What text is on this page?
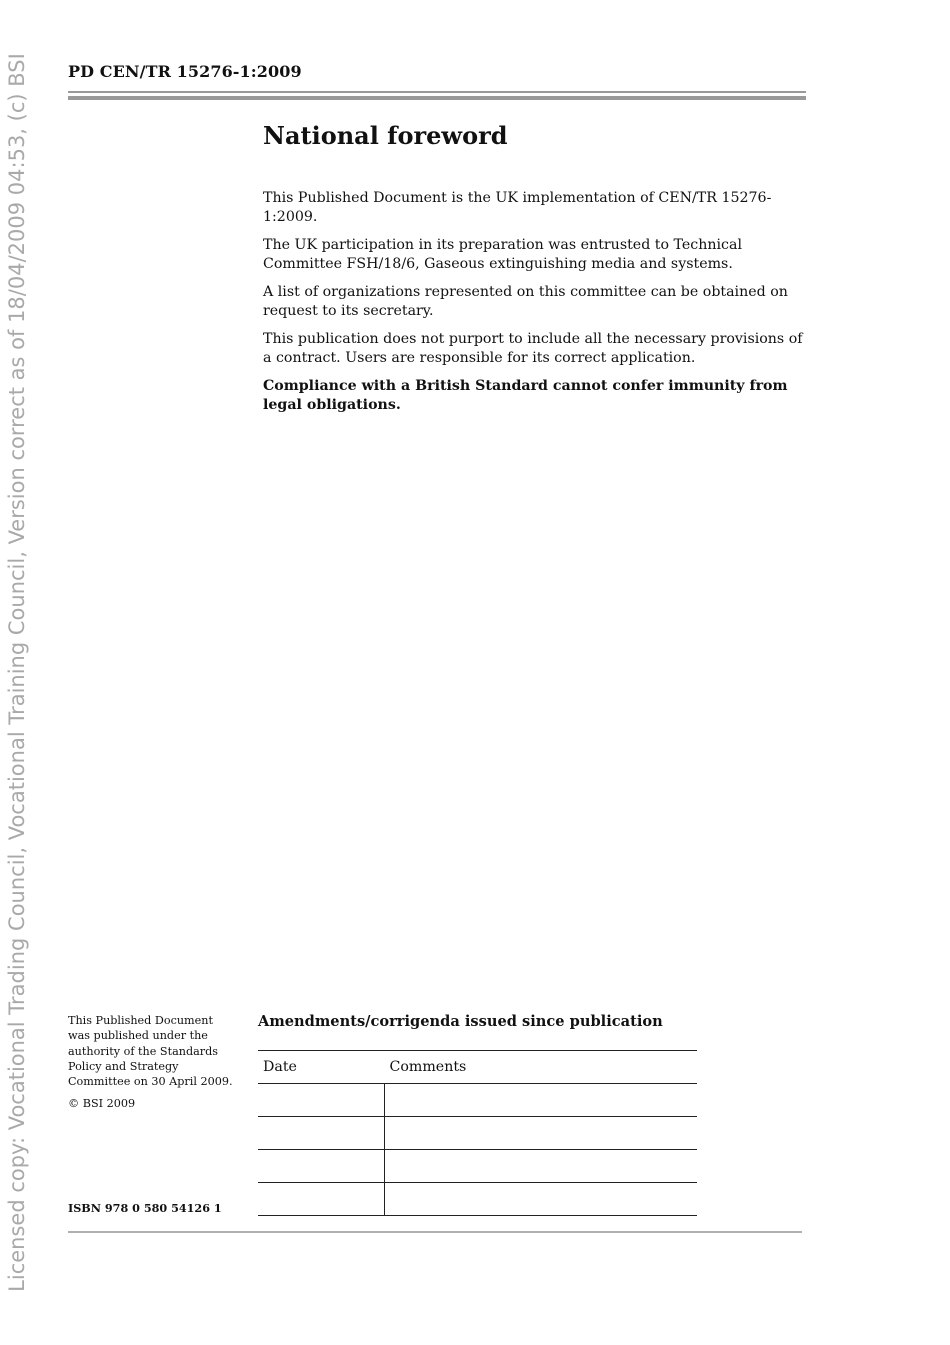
Licensed copy: Vocational Trading Council, Vocational Training Council, Version correct as of 18/04/2009 04:53, (c) BSI PD CEN/TR 15276-1:2009
National foreword

This Published Document is the UK implementation of CEN/TR 15276-1:2009.

The UK participation in its preparation was entrusted to Technical Committee FSH/18/6, Gaseous extinguishing media and systems.

A list of organizations represented on this committee can be obtained on request to its secretary.

This publication does not purport to include all the necessary provisions of a contract. Users are responsible for its correct application.

Compliance with a British Standard cannot confer immunity from legal obligations.

This Published Document was published under the authority of the Standards Policy and Strategy Committee on 30 April 2009.

© BSI 2009

ISBN 978 0 580 54126 1
Amendments/corrigenda issued since publication
Date	Comments
